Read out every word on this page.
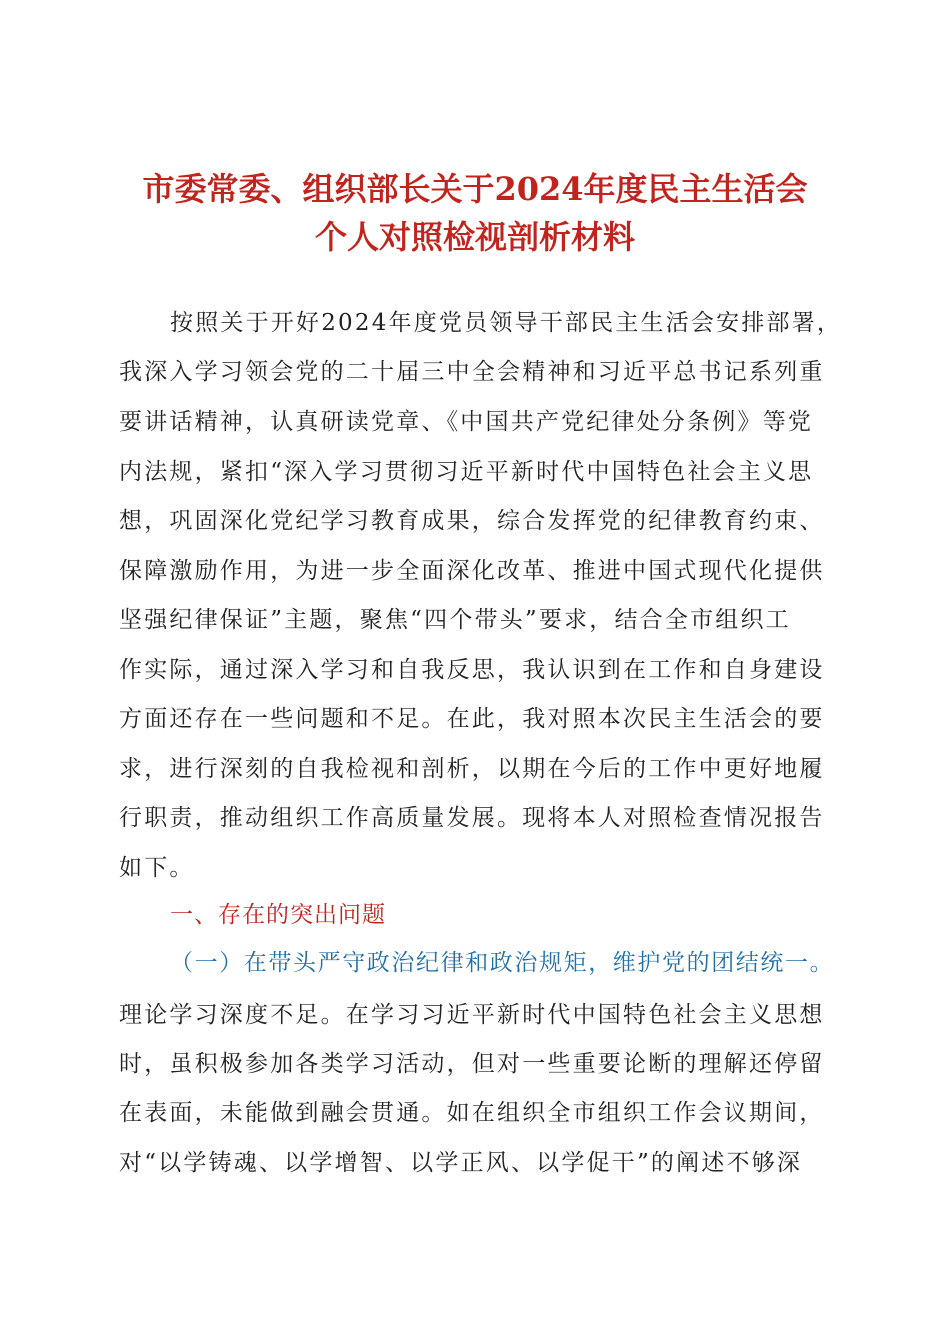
市委常委、组织部长关于2024年度民主生活会
个人对照检视剖析材料
按照关于开好2024年度党员领导干部民主生活会安排部署，
我深入学习领会党的二十届三中全会精神和习近平总书记系列重
要讲话精神，认真研读党章、《中国共产党纪律处分条例》等党
内法规，紧扣“深入学习贯彻习近平新时代中国特色社会主义思
想，巩固深化党纪学习教育成果，综合发挥党的纪律教育约束、
保障激励作用，为进一步全面深化改革、推进中国式现代化提供
坚强纪律保证”主题，聚焦“四个带头”要求，结合全市组织工
作实际，通过深入学习和自我反思，我认识到在工作和自身建设
方面还存在一些问题和不足。在此，我对照本次民主生活会的要
求，进行深刻的自我检视和剖析，以期在今后的工作中更好地履
行职责，推动组织工作高质量发展。现将本人对照检查情况报告
如下。
一、存在的突出问题
（一）在带头严守政治纪律和政治规矩，维护党的团结统一。
理论学习深度不足。在学习习近平新时代中国特色社会主义思想
时，虽积极参加各类学习活动，但对一些重要论断的理解还停留
在表面，未能做到融会贯通。如在组织全市组织工作会议期间，
对“以学铸魂、以学增智、以学正风、以学促干”的阐述不够深
